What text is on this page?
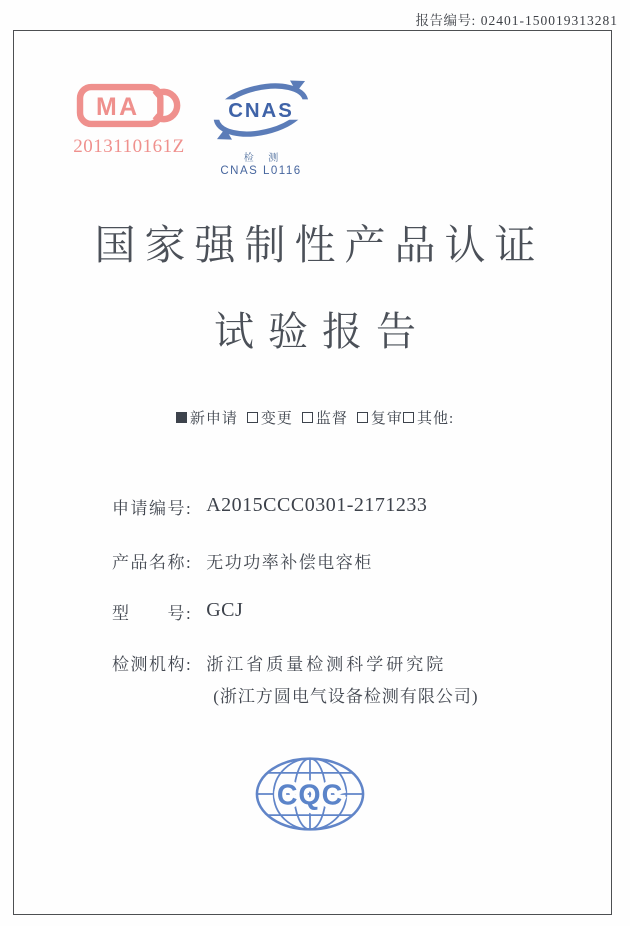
报告编号: 02401-150019313281
MA
2013110161Z
CNAS
检 测
CNAS L0116
国家强制性产品认证
试验报告
新申请 变更 监督 复审 其他:
申请编号: A2015CCC0301-2171233
产品名称: 无功功率补偿电容柜
型　　号: GCJ
检测机构: 浙江省质量检测科学研究院
(浙江方圆电气设备检测有限公司)
CQC
